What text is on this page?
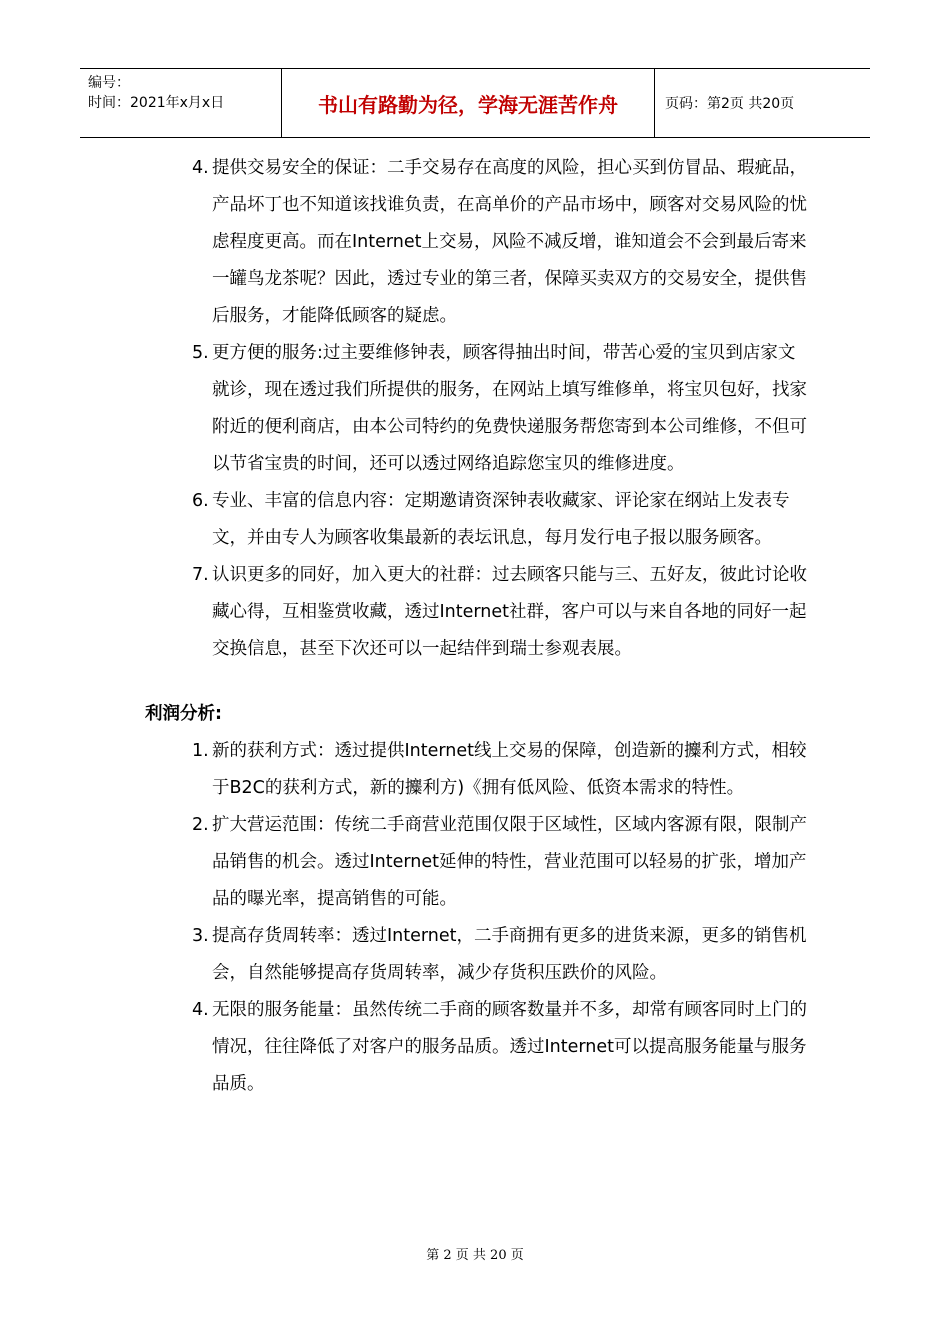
编号：
时间：2021年x月x日	书山有路勤为径，学海无涯苦作舟	页码：第2页 共20页
4. 提供交易安全的保证：二手交易存在高度的风险，担心买到仿冒品、瑕疵品，产品坏丁也不知道该找谁负责，在高单价的产品市场中，顾客对交易风险的忧虑程度更高。而在Internet上交易，风险不减反增，谁知道会不会到最后寄来一罐鸟龙茶呢？因此，透过专业的第三者，保障买卖双方的交易安全，提供售后服务，才能降低顾客的疑虑。
5. 更方便的服务:过主要维修钟表，顾客得抽出时间，带苦心爱的宝贝到店家文就诊，现在透过我们所提供的服务，在网站上填写维修单，将宝贝包好，找家附近的便利商店，由本公司特约的免费快递服务帮您寄到本公司维修，不但可以节省宝贵的时间，还可以透过网络追踪您宝贝的维修进度。
6. 专业、丰富的信息内容：定期邀请资深钟表收藏家、评论家在纲站上发表专文，并由专人为顾客收集最新的表坛讯息，每月发行电子报以服务顾客。
7. 认识更多的同好，加入更大的社群：过去顾客只能与三、五好友，彼此讨论收藏心得，互相鉴赏收藏，透过Internet社群，客户可以与来自各地的同好一起交换信息，甚至下次还可以一起结伴到瑞士参观表展。
利润分析:
1. 新的获利方式：透过提供Internet线上交易的保障，创造新的攗利方式，相较于B2C的获利方式，新的攗利方)《拥有低风险、低资本需求的特性。
2. 扩大营运范围：传统二手商营业范围仅限于区域性，区域内客源有限，限制产品销售的机会。透过Internet延伸的特性，营业范围可以轻易的扩张，增加产品的曝光率，提高销售的可能。
3. 提高存货周转率：透过Internet，二手商拥有更多的进货来源，更多的销售机会，自然能够提高存货周转率，减少存货积压跌价的风险。
4. 无限的服务能量：虽然传统二手商的顾客数量并不多，却常有顾客同时上门的情况，往往降低了对客户的服务品质。透过Internet可以提高服务能量与服务品质。
第 2 页 共 20 页
